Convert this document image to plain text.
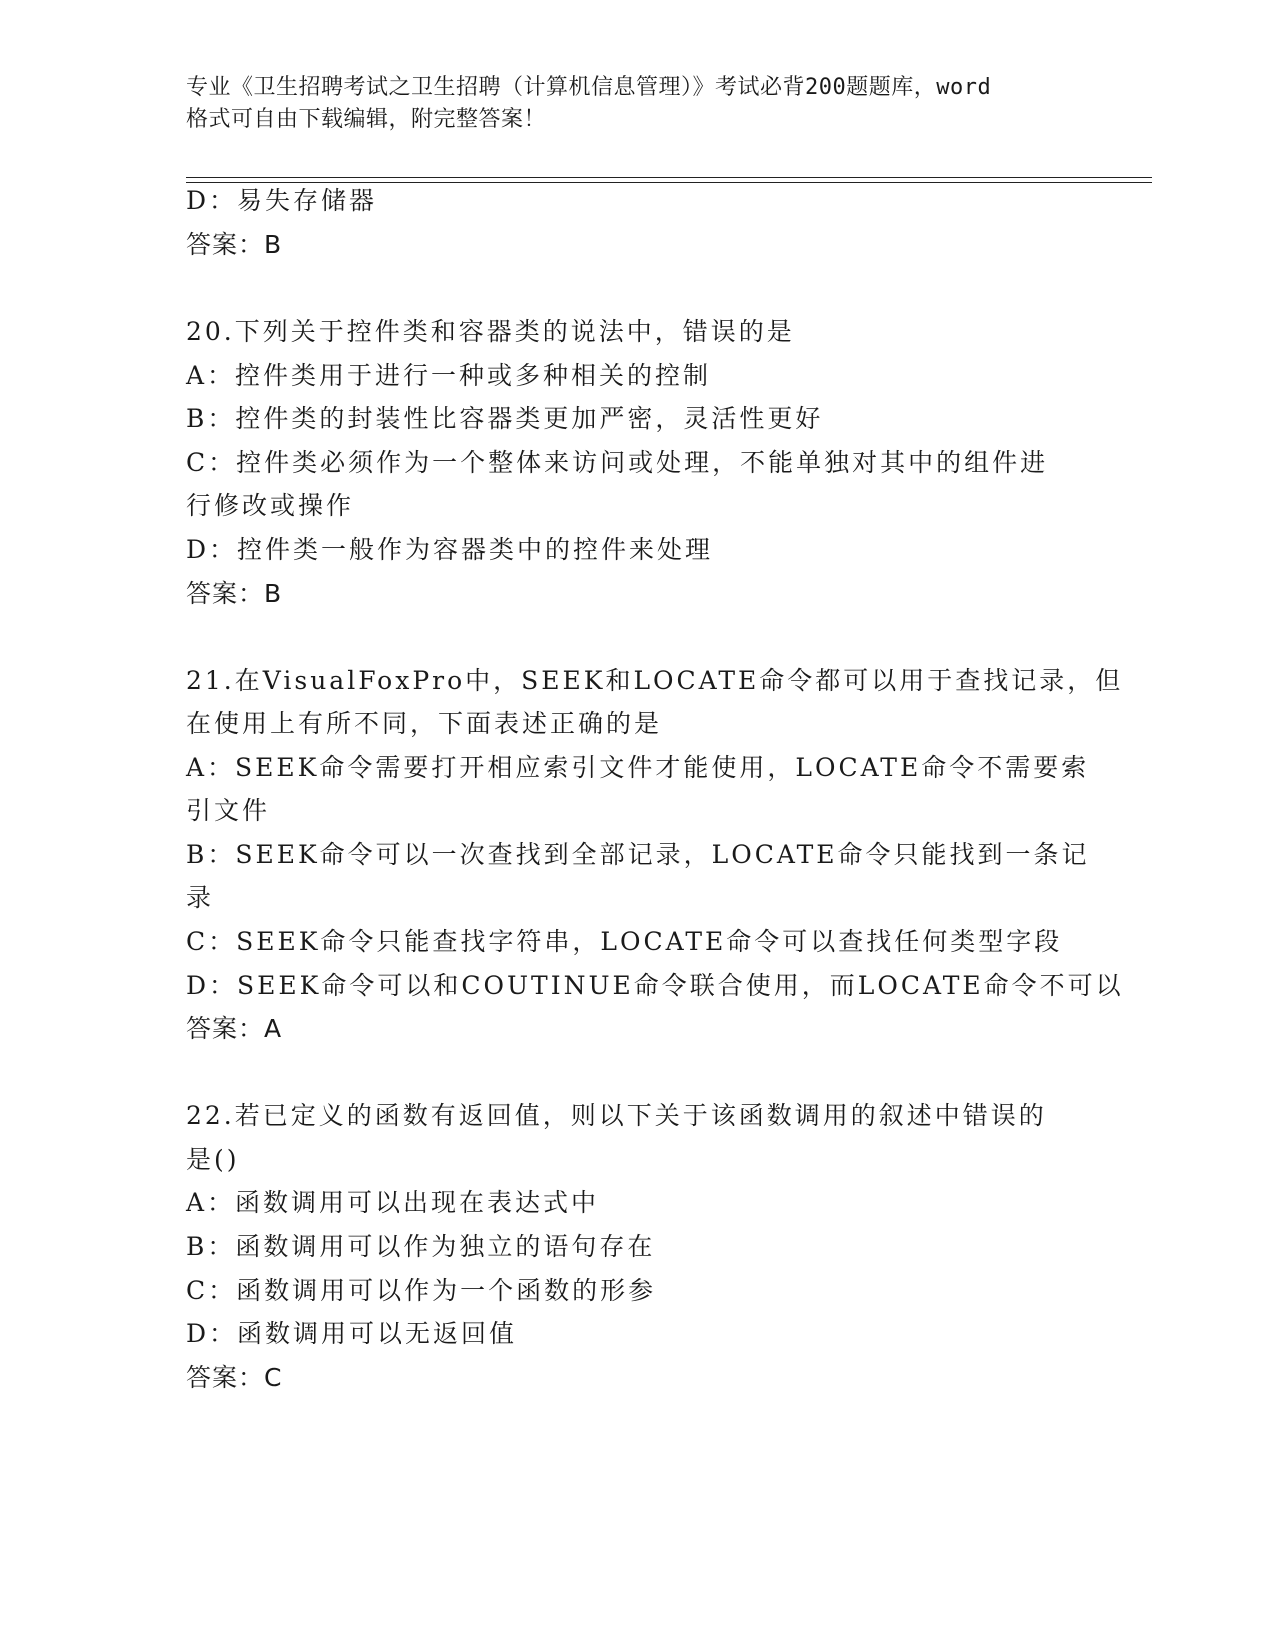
专业《卫生招聘考试之卫生招聘（计算机信息管理）》考试必背200题题库，word
格式可自由下载编辑，附完整答案！
D：易失存储器
答案：B
20.下列关于控件类和容器类的说法中，错误的是
A：控件类用于进行一种或多种相关的控制
B：控件类的封装性比容器类更加严密，灵活性更好
C：控件类必须作为一个整体来访问或处理，不能单独对其中的组件进
行修改或操作
D：控件类一般作为容器类中的控件来处理
答案：B
21.在VisualFoxPro中，SEEK和LOCATE命令都可以用于查找记录，但
在使用上有所不同，下面表述正确的是
A：SEEK命令需要打开相应索引文件才能使用，LOCATE命令不需要索
引文件
B：SEEK命令可以一次查找到全部记录，LOCATE命令只能找到一条记
录
C：SEEK命令只能查找字符串，LOCATE命令可以查找任何类型字段
D：SEEK命令可以和COUTINUE命令联合使用，而LOCATE命令不可以
答案：A
22.若已定义的函数有返回值，则以下关于该函数调用的叙述中错误的
是()
A：函数调用可以出现在表达式中
B：函数调用可以作为独立的语句存在
C：函数调用可以作为一个函数的形参
D：函数调用可以无返回值
答案：C
